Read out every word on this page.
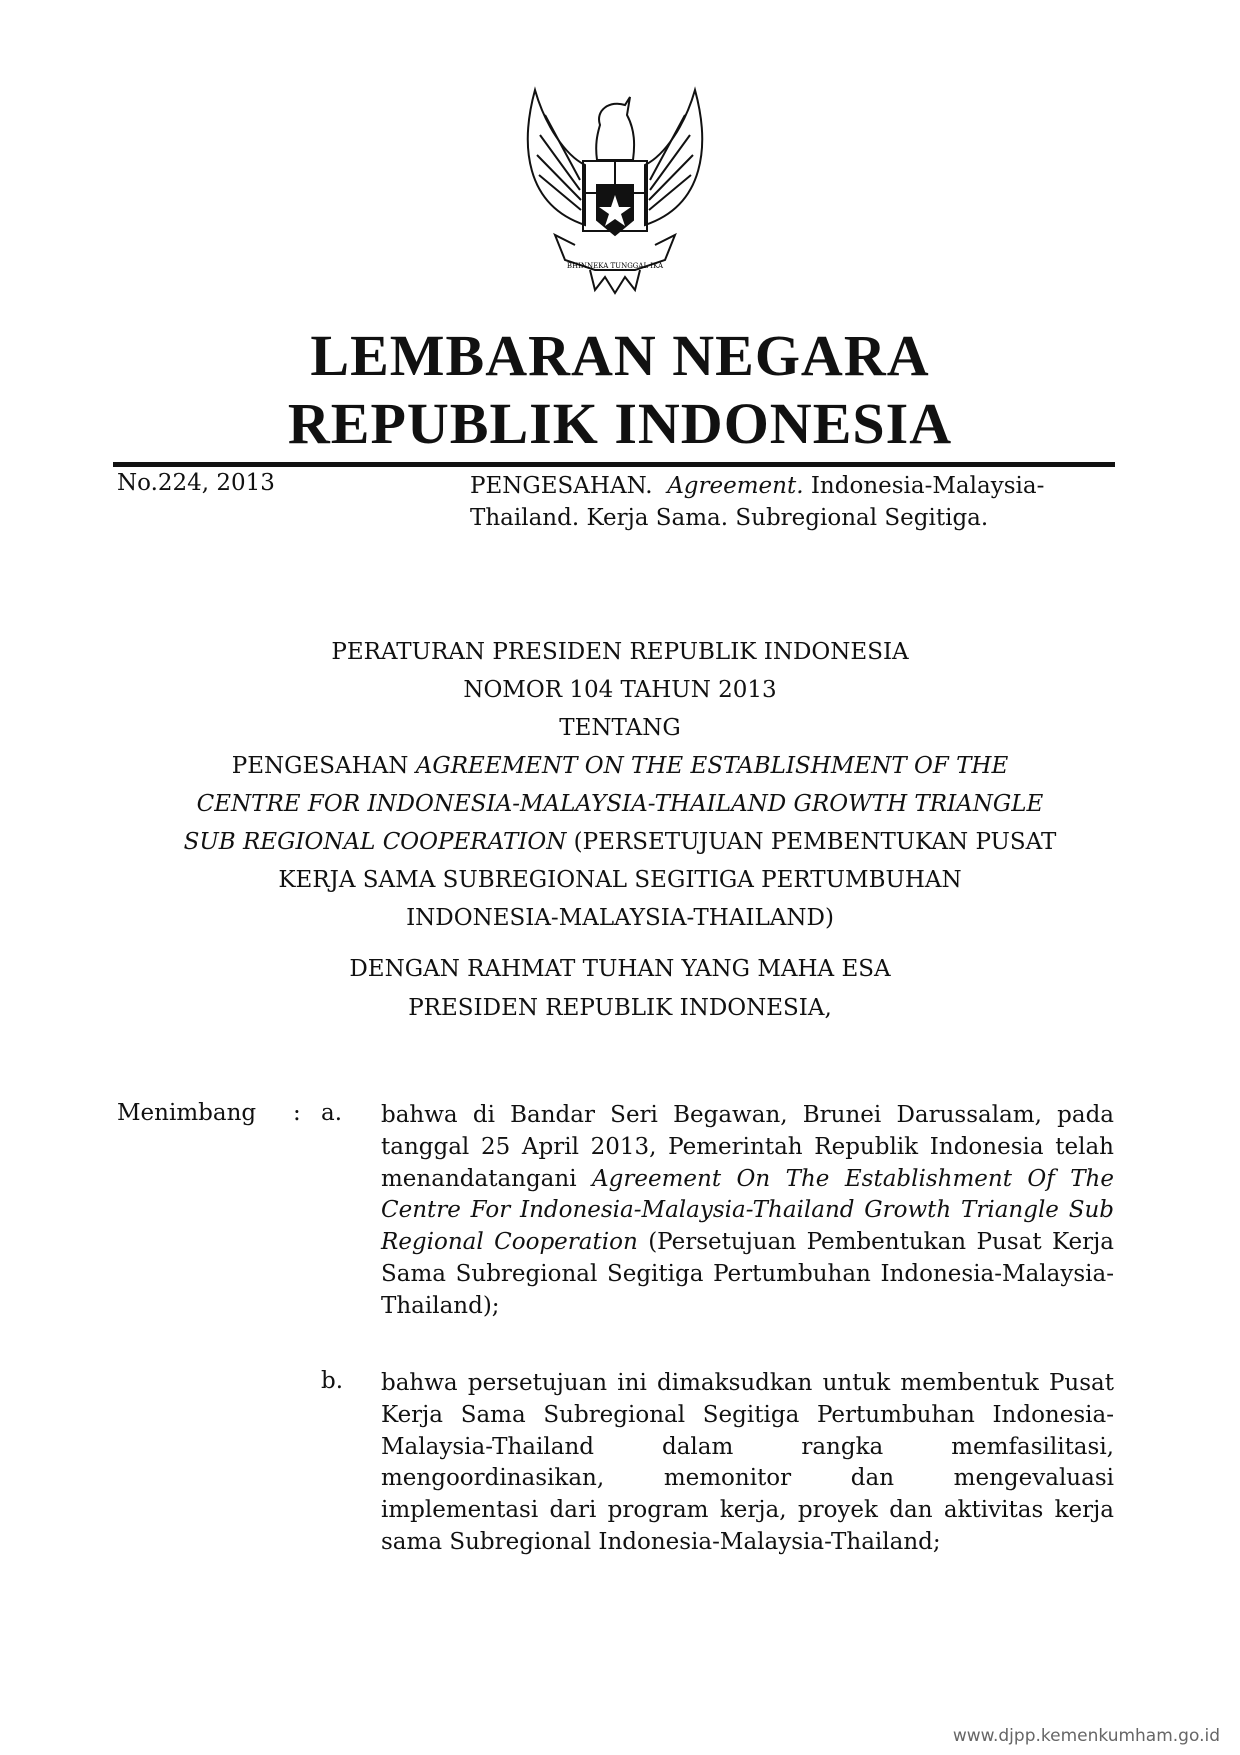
BHINNEKA TUNGGAL IKA
LEMBARAN NEGARA
REPUBLIK INDONESIA
No.224, 2013	PENGESAHAN. Agreement. Indonesia-Malaysia-Thailand. Kerja Sama. Subregional Segitiga.
PERATURAN PRESIDEN REPUBLIK INDONESIA
NOMOR 104 TAHUN 2013
TENTANG
PENGESAHAN AGREEMENT ON THE ESTABLISHMENT OF THE
CENTRE FOR INDONESIA-MALAYSIA-THAILAND GROWTH TRIANGLE
SUB REGIONAL COOPERATION (PERSETUJUAN PEMBENTUKAN PUSAT
KERJA SAMA SUBREGIONAL SEGITIGA PERTUMBUHAN
INDONESIA-MALAYSIA-THAILAND)
DENGAN RAHMAT TUHAN YANG MAHA ESA
PRESIDEN REPUBLIK INDONESIA,
Menimbang : a. bahwa di Bandar Seri Begawan, Brunei Darussalam, pada tanggal 25 April 2013, Pemerintah Republik Indonesia telah menandatangani Agreement On The Establishment Of The Centre For Indonesia-Malaysia-Thailand Growth Triangle Sub Regional Cooperation (Persetujuan Pembentukan Pusat Kerja Sama Subregional Segitiga Pertumbuhan Indonesia-Malaysia-Thailand);
b. bahwa persetujuan ini dimaksudkan untuk membentuk Pusat Kerja Sama Subregional Segitiga Pertumbuhan Indonesia-Malaysia-Thailand dalam rangka memfasilitasi, mengoordinasikan, memonitor dan mengevaluasi implementasi dari program kerja, proyek dan aktivitas kerja sama Subregional Indonesia-Malaysia-Thailand;
www.djpp.kemenkumham.go.id
